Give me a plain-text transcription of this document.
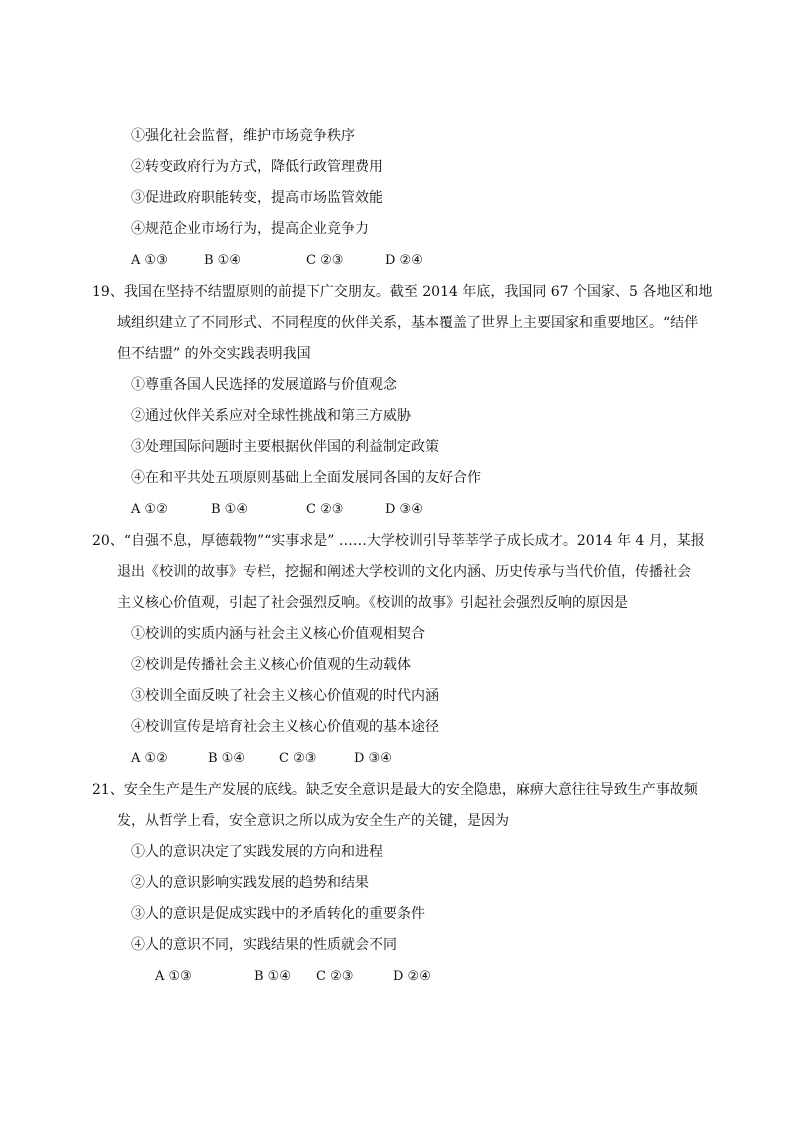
①强化社会监督，维护市场竞争秩序
②转变政府行为方式，降低行政管理费用
③促进政府职能转变，提高市场监管效能
④规范企业市场行为，提高企业竞争力
A ①③	B ①④	C ②③	D ②④
19、我国在坚持不结盟原则的前提下广交朋友。截至 2014 年底，我国同 67 个国家、5 各地区和地
域组织建立了不同形式、不同程度的伙伴关系，基本覆盖了世界上主要国家和重要地区。“结伴
但不结盟” 的外交实践表明我国
①尊重各国人民选择的发展道路与价值观念
②通过伙伴关系应对全球性挑战和第三方威胁
③处理国际问题时主要根据伙伴国的利益制定政策
④在和平共处五项原则基础上全面发展同各国的友好合作
A ①②	B ①④	C ②③	D ③④
20、“自强不息，厚德载物”“实事求是” ……大学校训引导莘莘学子成长成才。2014 年 4 月，某报
退出《校训的故事》专栏，挖掘和阐述大学校训的文化内涵、历史传承与当代价值，传播社会
主义核心价值观，引起了社会强烈反响。《校训的故事》引起社会强烈反响的原因是
①校训的实质内涵与社会主义核心价值观相契合
②校训是传播社会主义核心价值观的生动载体
③校训全面反映了社会主义核心价值观的时代内涵
④校训宣传是培育社会主义核心价值观的基本途径
A ①②	B ①④	C ②③	D ③④
21、安全生产是生产发展的底线。缺乏安全意识是最大的安全隐患，麻痹大意往往导致生产事故频
发，从哲学上看，安全意识之所以成为安全生产的关键，是因为
①人的意识决定了实践发展的方向和进程
②人的意识影响实践发展的趋势和结果
③人的意识是促成实践中的矛盾转化的重要条件
④人的意识不同，实践结果的性质就会不同
A ①③	B ①④ C ②③	D ②④
